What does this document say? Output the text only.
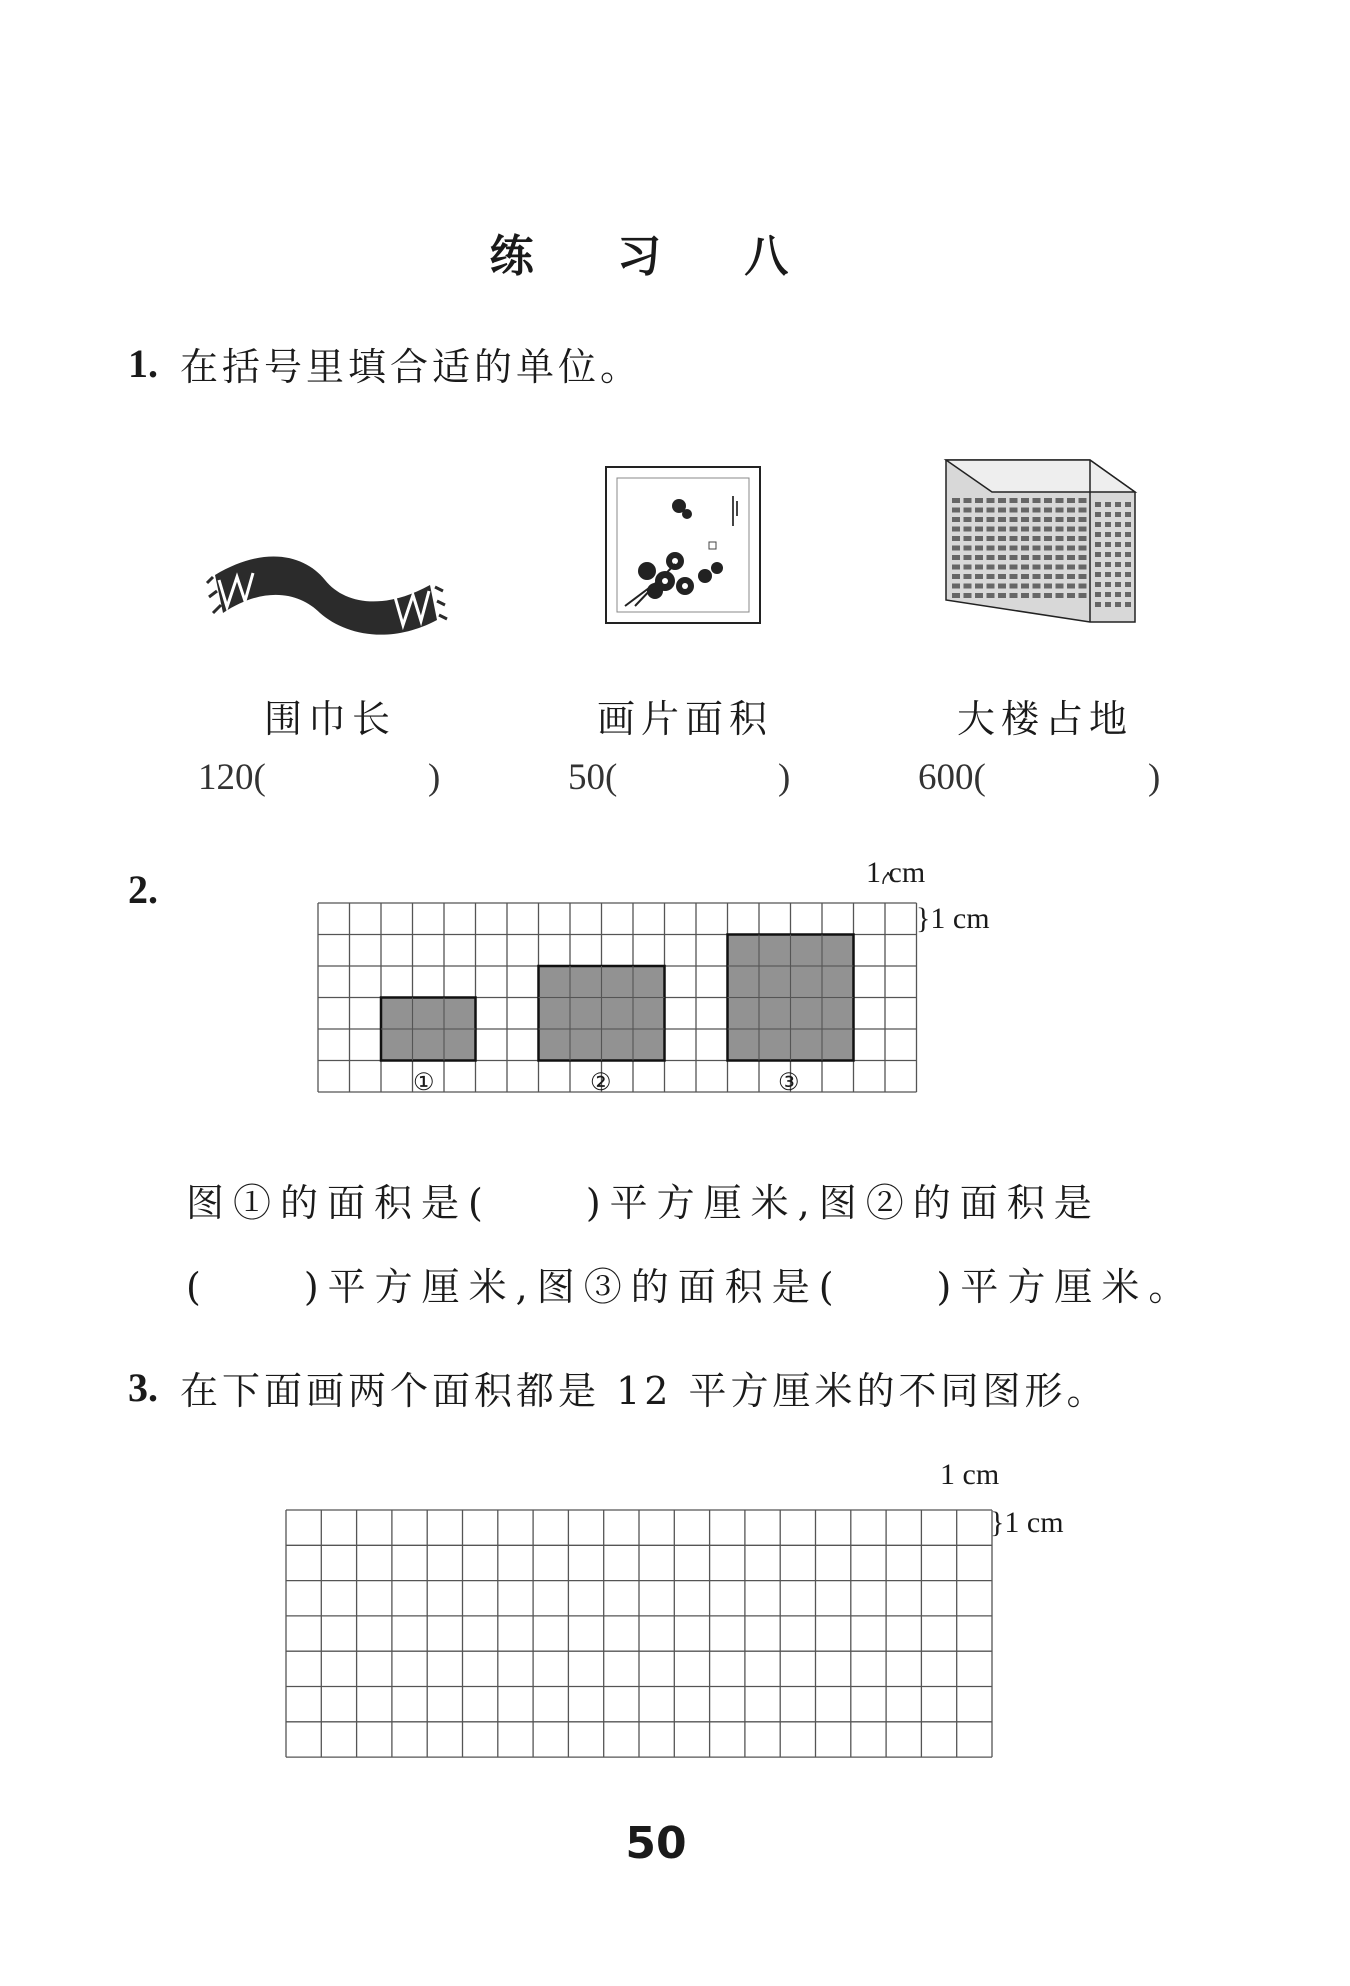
练 习 八
1. 在括号里填合适的单位。
围巾长	画片面积	大楼占地
120(	)	50(	)	600(	)
2.	1 cm
}1 cm
①	②	③
图①的面积是(　　)平方厘米,图②的面积是
(　　)平方厘米,图③的面积是(　　)平方厘米。
3. 在下面画两个面积都是 12 平方厘米的不同图形。
1 cm
}1 cm
50
